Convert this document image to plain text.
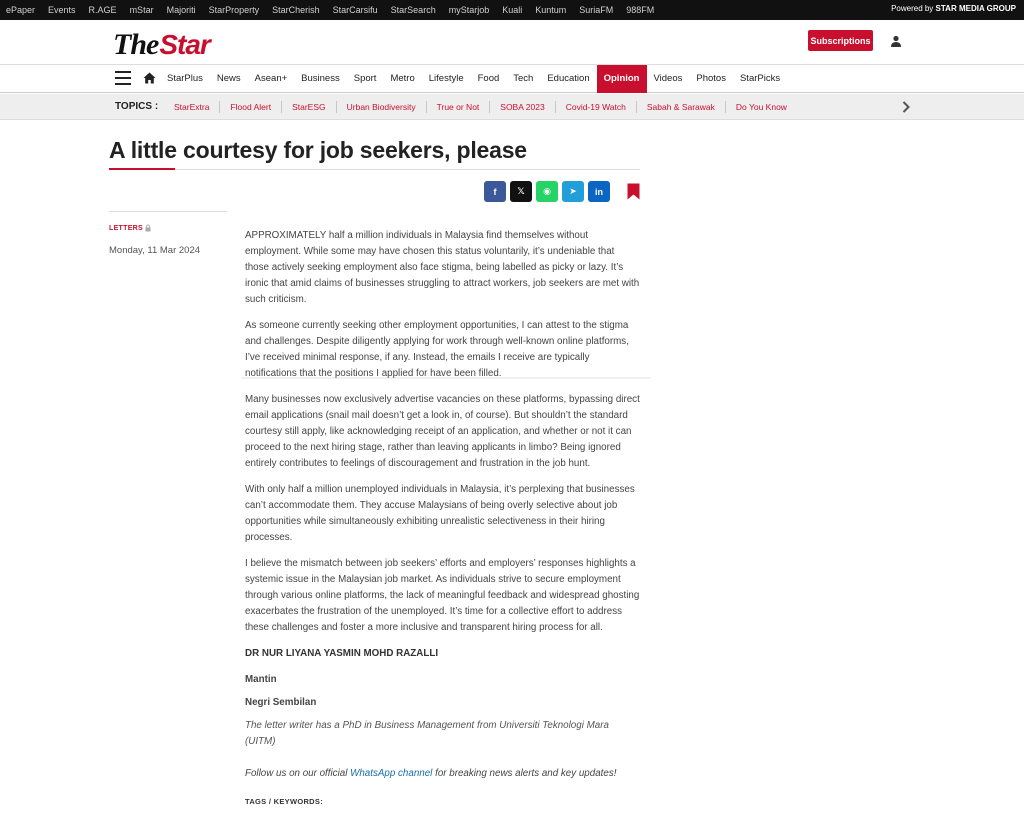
ePaper Events R.AGE mStar Majoriti StarProperty StarCherish StarCarsifu StarSearch myStarjob Kuali Kuntum SuriaFM 988FM	Powered by STAR MEDIA GROUP
The Star	Subscriptions
StarPlus	News	Asean+	Business	Sport	Metro	Lifestyle	Food	Tech	Education	Opinion	Videos	Photos	StarPicks
TOPICS :	StarExtra	Flood Alert	StarESG	Urban Biodiversity	True or Not	SOBA 2023	Covid-19 Watch	Sabah & Sarawak	Do You Know
A little courtesy for job seekers, please
f 𝕏 ◉ ➤ in
LETTERS
Monday, 11 Mar 2024

APPROXIMATELY half a million individuals in Malaysia find themselves without employment. While some may have chosen this status voluntarily, it’s undeniable that those actively seeking employment also face stigma, being labelled as picky or lazy. It’s ironic that amid claims of businesses struggling to attract workers, job seekers are met with such criticism.

As someone currently seeking other employment opportunities, I can attest to the stigma and challenges. Despite diligently applying for work through well-known online platforms, I’ve received minimal response, if any. Instead, the emails I receive are typically notifications that the positions I applied for have been filled.

Many businesses now exclusively advertise vacancies on these platforms, bypassing direct email applications (snail mail doesn’t get a look in, of course). But shouldn’t the standard courtesy still apply, like acknowledging receipt of an application, and whether or not it can proceed to the next hiring stage, rather than leaving applicants in limbo? Being ignored entirely contributes to feelings of discouragement and frustration in the job hunt.

With only half a million unemployed individuals in Malaysia, it’s perplexing that businesses can’t accommodate them. They accuse Malaysians of being overly selective about job opportunities while simultaneously exhibiting unrealistic selectiveness in their hiring processes.

I believe the mismatch between job seekers’ efforts and employers’ responses highlights a systemic issue in the Malaysian job market. As individuals strive to secure employment through various online platforms, the lack of meaningful feedback and widespread ghosting exacerbates the frustration of the unemployed. It’s time for a collective effort to address these challenges and foster a more inclusive and transparent hiring process for all.

DR NUR LIYANA YASMIN MOHD RAZALLI
Mantin
Negri Sembilan
The letter writer has a PhD in Business Management from Universiti Teknologi Mara (UITM)
Follow us on our official WhatsApp channel for breaking news alerts and key updates!
TAGS / KEYWORDS:
